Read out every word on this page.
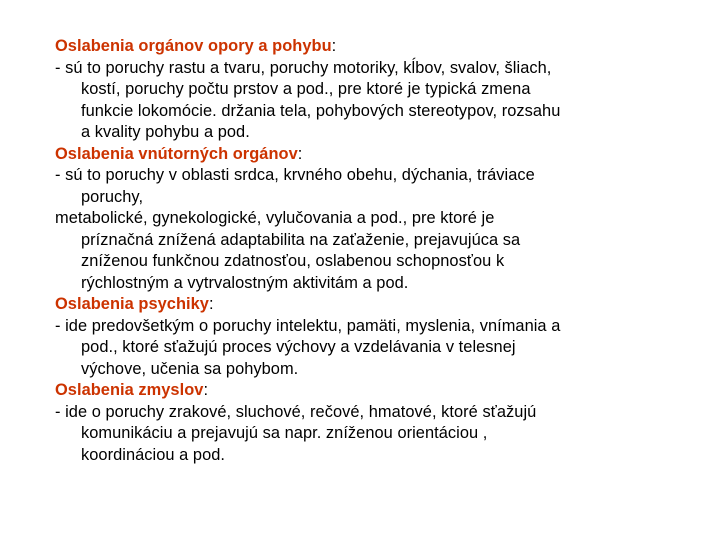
Oslabenia orgánov opory a pohybu:
- sú to poruchy rastu a tvaru, poruchy motoriky, kĺbov, svalov, šliach,
kostí, poruchy počtu prstov a pod., pre ktoré je typická zmena
funkcie lokomócie. držania tela, pohybových stereotypov, rozsahu
a kvality pohybu a pod.
Oslabenia vnútorných orgánov:
- sú to poruchy v oblasti srdca, krvného obehu, dýchania, tráviace
poruchy,
metabolické, gynekologické, vylučovania a pod., pre ktoré je
príznačná znížená adaptabilita na zaťaženie, prejavujúca sa
zníženou funkčnou zdatnosťou, oslabenou schopnosťou k
rýchlostným a vytrvalostným aktivitám a pod.
Oslabenia psychiky:
- ide predovšetkým o poruchy intelektu, pamäti, myslenia, vnímania a
pod., ktoré sťažujú proces výchovy a vzdelávania v telesnej
výchove, učenia sa pohybom.
Oslabenia zmyslov:
- ide o poruchy zrakové, sluchové, rečové, hmatové, ktoré sťažujú
komunikáciu a prejavujú sa napr. zníženou orientáciou ,
koordináciou a pod.
